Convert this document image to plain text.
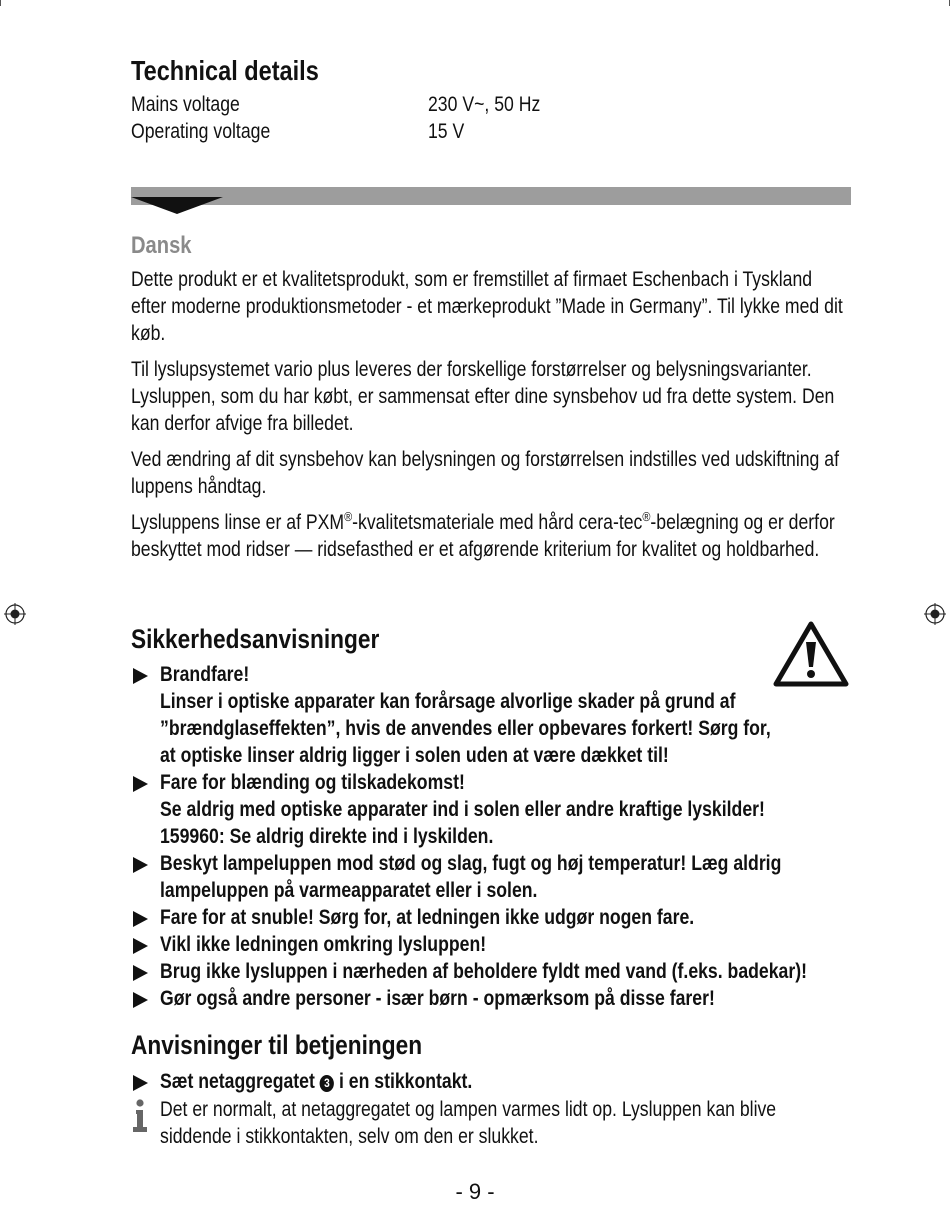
Technical details
Mains voltage	230 V~, 50 Hz
Operating voltage	15 V
Dansk

Dette produkt er et kvalitetsprodukt, som er fremstillet af firmaet Eschenbach i Tyskland efter moderne produktionsmetoder - et mærkeprodukt ”Made in Germany”. Til lykke med dit køb.

Til lyslupsystemet vario plus leveres der forskellige forstørrelser og belysningsvarianter. Lysluppen, som du har købt, er sammensat efter dine synsbehov ud fra dette system. Den kan derfor afvige fra billedet.

Ved ændring af dit synsbehov kan belysningen og forstørrelsen indstilles ved udskiftning af luppens håndtag.

Lysluppens linse er af PXM®-kvalitetsmateriale med hård cera-tec®-belægning og er derfor beskyttet mod ridser — ridsefasthed er et afgørende kriterium for kvalitet og holdbarhed.

Sikkerhedsanvisninger
Brandfare!
Linser i optiske apparater kan forårsage alvorlige skader på grund af
”brændglaseffekten”, hvis de anvendes eller opbevares forkert! Sørg for,
at optiske linser aldrig ligger i solen uden at være dækket til!
Fare for blænding og tilskadekomst!
Se aldrig med optiske apparater ind i solen eller andre kraftige lyskilder!
159960: Se aldrig direkte ind i lyskilden.
Beskyt lampeluppen mod stød og slag, fugt og høj temperatur! Læg aldrig
lampeluppen på varmeapparatet eller i solen.
Fare for at snuble! Sørg for, at ledningen ikke udgør nogen fare.
Vikl ikke ledningen omkring lysluppen!
Brug ikke lysluppen i nærheden af beholdere fyldt med vand (f.eks. badekar)!
Gør også andre personer - især børn - opmærksom på disse farer!
Anvisninger til betjeningen
Sæt netaggregatet 3 i en stikkontakt.
Det er normalt, at netaggregatet og lampen varmes lidt op. Lysluppen kan blive
siddende i stikkontakten, selv om den er slukket.
- 9 -
